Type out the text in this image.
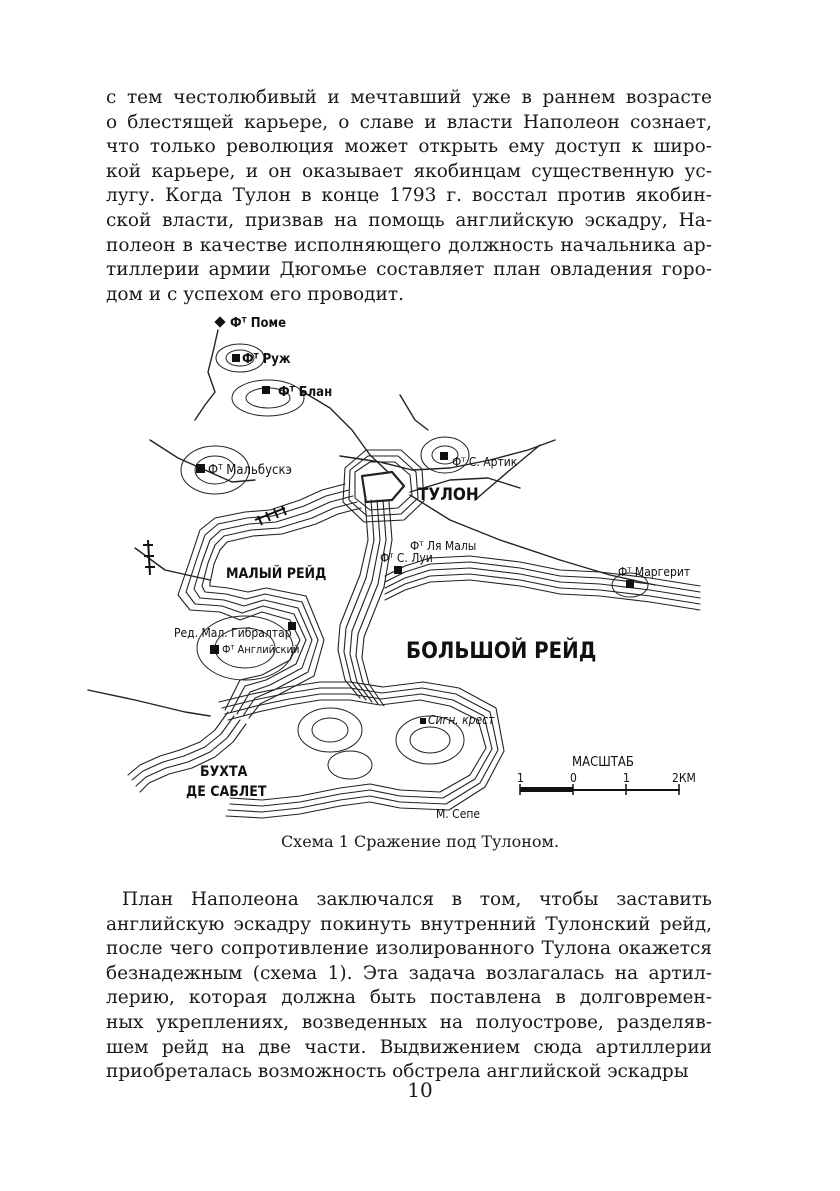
с тем честолюбивый и мечтавший уже в раннем возрасте
о блестящей карьере, о славе и власти Наполеон сознает,
что только революция может открыть ему доступ к широ-
кой карьере, и он оказывает якобинцам существенную ус-
лугу. Когда Тулон в конце 1793 г. восстал против якобин-
ской власти, призвав на помощь английскую эскадру, На-
полеон в качестве исполняющего должность начальника ар-
тиллерии армии Дюгомье составляет план овладения горо-
дом и с успехом его проводит.
Фᵀ Поме
Фᵀ Руж
Фᵀ Блан
Фᵀ Мальбускэ
Фᵀ С. Артик
ТУЛОН
Фᵀ Ля Малы
Фᵀ С. Луи
Фᵀ Маргерит
МАЛЫЙ РЕЙД
Ред. Мал. Гибралтар
Фᵀ Английский	БОЛЬШОЙ РЕЙД
Сигн. крест
БУХТА
ДЕ САБЛЕТ
М. Сепе
МАСШТАБ
1	0	1	2КМ
Схема 1 Сражение под Тулоном.
План Наполеона заключался в том, чтобы заставить
английскую эскадру покинуть внутренний Тулонский рейд,
после чего сопротивление изолированного Тулона окажется
безнадежным (схема 1). Эта задача возлагалась на артил-
лерию, которая должна быть поставлена в долговремен-
ных укреплениях, возведенных на полуострове, разделяв-
шем рейд на две части. Выдвижением сюда артиллерии
приобреталась возможность обстрела английской эскадры
10
